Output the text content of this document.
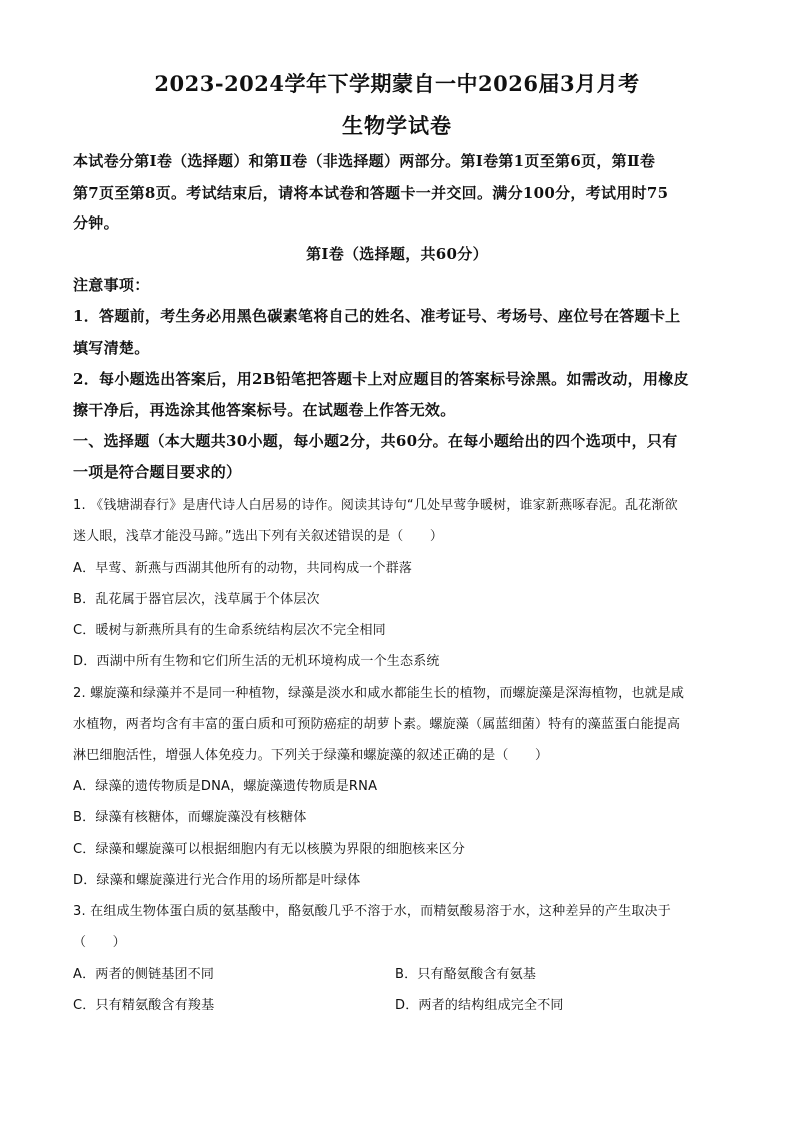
2023-2024学年下学期蒙自一中2026届3月月考
生物学试卷
本试卷分第Ⅰ卷（选择题）和第Ⅱ卷（非选择题）两部分。第Ⅰ卷第1页至第6页，第Ⅱ卷
第7页至第8页。考试结束后，请将本试卷和答题卡一并交回。满分100分，考试用时75
分钟。
第Ⅰ卷（选择题，共60分）
注意事项：
1．答题前，考生务必用黑色碳素笔将自己的姓名、准考证号、考场号、座位号在答题卡上
填写清楚。
2．每小题选出答案后，用2B铅笔把答题卡上对应题目的答案标号涂黑。如需改动，用橡皮
擦干净后，再选涂其他答案标号。在试题卷上作答无效。
一、选择题（本大题共30小题，每小题2分，共60分。在每小题给出的四个选项中，只有
一项是符合题目要求的）
1. 《钱塘湖春行》是唐代诗人白居易的诗作。阅读其诗句“几处早莺争暖树，谁家新燕啄春泥。乱花渐欲
迷人眼，浅草才能没马蹄。”选出下列有关叙述错误的是（　　）
A．早莺、新燕与西湖其他所有的动物，共同构成一个群落
B．乱花属于器官层次，浅草属于个体层次
C．暖树与新燕所具有的生命系统结构层次不完全相同
D．西湖中所有生物和它们所生活的无机环境构成一个生态系统
2. 螺旋藻和绿藻并不是同一种植物，绿藻是淡水和咸水都能生长的植物，而螺旋藻是深海植物，也就是咸
水植物，两者均含有丰富的蛋白质和可预防癌症的胡萝卜素。螺旋藻（属蓝细菌）特有的藻蓝蛋白能提高
淋巴细胞活性，增强人体免疫力。下列关于绿藻和螺旋藻的叙述正确的是（　　）
A．绿藻的遗传物质是DNA，螺旋藻遗传物质是RNA
B．绿藻有核糖体，而螺旋藻没有核糖体
C．绿藻和螺旋藻可以根据细胞内有无以核膜为界限的细胞核来区分
D．绿藻和螺旋藻进行光合作用的场所都是叶绿体
3. 在组成生物体蛋白质的氨基酸中，酪氨酸几乎不溶于水，而精氨酸易溶于水，这种差异的产生取决于
（　　）
A．两者的侧链基团不同	B．只有酪氨酸含有氨基
C．只有精氨酸含有羧基	D．两者的结构组成完全不同
